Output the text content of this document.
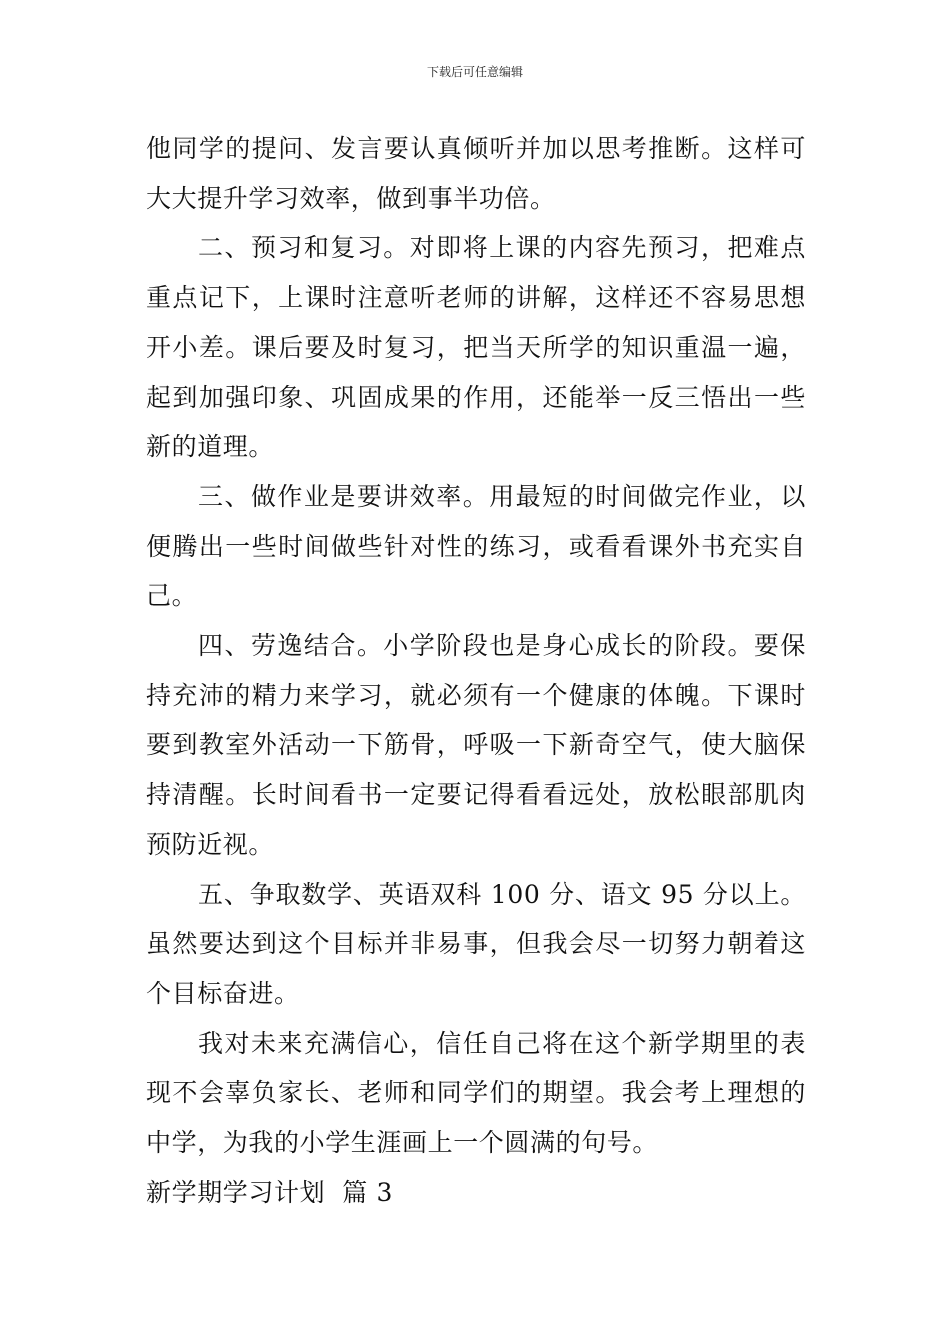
下载后可任意编辑

他同学的提问、发言要认真倾听并加以思考推断。这样可大大提升学习效率，做到事半功倍。

二、预习和复习。对即将上课的内容先预习，把难点重点记下，上课时注意听老师的讲解，这样还不容易思想开小差。课后要及时复习，把当天所学的知识重温一遍，起到加强印象、巩固成果的作用，还能举一反三悟出一些新的道理。

三、做作业是要讲效率。用最短的时间做完作业，以便腾出一些时间做些针对性的练习，或看看课外书充实自己。

四、劳逸结合。小学阶段也是身心成长的阶段。要保持充沛的精力来学习，就必须有一个健康的体魄。下课时要到教室外活动一下筋骨，呼吸一下新奇空气，使大脑保持清醒。长时间看书一定要记得看看远处，放松眼部肌肉预防近视。

五、争取数学、英语双科 100 分、语文 95 分以上。虽然要达到这个目标并非易事，但我会尽一切努力朝着这个目标奋进。

我对未来充满信心，信任自己将在这个新学期里的表现不会辜负家长、老师和同学们的期望。我会考上理想的中学，为我的小学生涯画上一个圆满的句号。

新学期学习计划  篇 3
